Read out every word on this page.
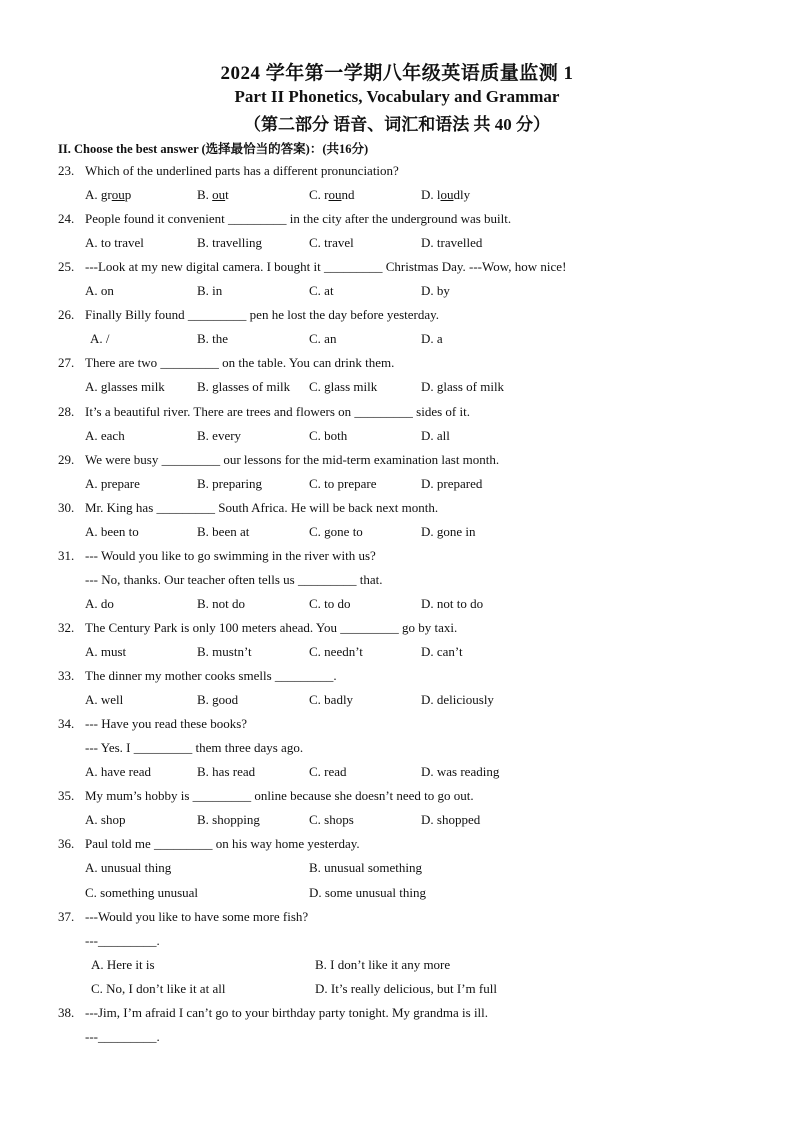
2024 学年第一学期八年级英语质量监测 1
Part II Phonetics, Vocabulary and Grammar
（第二部分 语音、词汇和语法 共 40 分）
II. Choose the best answer (选择最恰当的答案)：(共16分)
23. Which of the underlined parts has a different pronunciation?
A. group	B. out	C. round	D. loudly
24. People found it convenient _________ in the city after the underground was built.
A. to travel	B. travelling	C. travel	D. travelled
25. ---Look at my new digital camera. I bought it _________ Christmas Day. ---Wow, how nice!
A. on	B. in	C. at	D. by
26. Finally Billy found _________ pen he lost the day before yesterday.
A. /	B. the	C. an	D. a
27. There are two _________ on the table. You can drink them.
A. glasses milk B. glasses of milk C. glass milk	D. glass of milk
28. It’s a beautiful river. There are trees and flowers on _________ sides of it.
A. each	B. every	C. both	D. all
29. We were busy _________ our lessons for the mid-term examination last month.
A. prepare	B. preparing	C. to prepare	D. prepared
30. Mr. King has _________ South Africa. He will be back next month.
A. been to	B. been at	C. gone to	D. gone in
31. --- Would you like to go swimming in the river with us?
--- No, thanks. Our teacher often tells us _________ that.
A. do	B. not do	C. to do	D. not to do
32. The Century Park is only 100 meters ahead. You _________ go by taxi.
A. must	B. mustn’t	C. needn’t	D. can’t
33. The dinner my mother cooks smells _________.
A. well	B. good	C. badly	D. deliciously
34. --- Have you read these books?
--- Yes. I _________ them three days ago.
A. have read	B. has read	C. read	D. was reading
35. My mum’s hobby is _________ online because she doesn’t need to go out.
A. shop	B. shopping	C. shops	D. shopped
36. Paul told me _________ on his way home yesterday.
A. unusual thing	B. unusual something
C. something unusual	D. some unusual thing
37. ---Would you like to have some more fish?
---_________.
A. Here it is	B. I don’t like it any more
C. No, I don’t like it at all	D. It’s really delicious, but I’m full
38. ---Jim, I’m afraid I can’t go to your birthday party tonight. My grandma is ill.
---_________.
